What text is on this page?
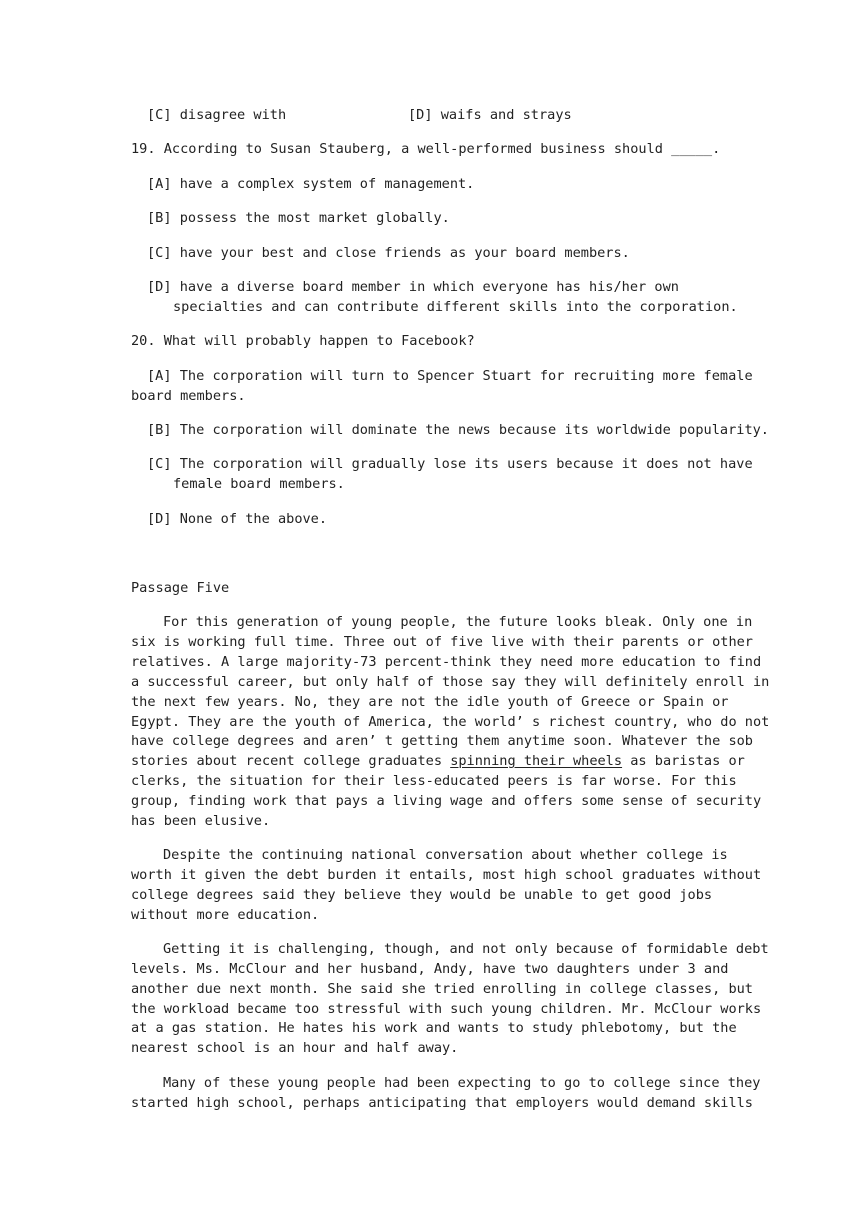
[C] disagree with	[D] waifs and strays
19. According to Susan Stauberg, a well-performed business should _____.
[A] have a complex system of management.
[B] possess the most market globally.
[C] have your best and close friends as your board members.
[D] have a diverse board member in which everyone has his/her own
specialties and can contribute different skills into the corporation.
20. What will probably happen to Facebook?
[A] The corporation will turn to Spencer Stuart for recruiting more female
board members.
[B] The corporation will dominate the news because its worldwide popularity.
[C] The corporation will gradually lose its users because it does not have
female board members.
[D] None of the above.
Passage Five
For this generation of young people, the future looks bleak. Only one in
six is working full time. Three out of five live with their parents or other
relatives. A large majority-73 percent-think they need more education to find
a successful career, but only half of those say they will definitely enroll in
the next few years. No, they are not the idle youth of Greece or Spain or
Egypt. They are the youth of America, the world’ s richest country, who do not
have college degrees and aren’ t getting them anytime soon. Whatever the sob
stories about recent college graduates spinning their wheels as baristas or
clerks, the situation for their less-educated peers is far worse. For this
group, finding work that pays a living wage and offers some sense of security
has been elusive.
Despite the continuing national conversation about whether college is
worth it given the debt burden it entails, most high school graduates without
college degrees said they believe they would be unable to get good jobs
without more education.
Getting it is challenging, though, and not only because of formidable debt
levels. Ms. McClour and her husband, Andy, have two daughters under 3 and
another due next month. She said she tried enrolling in college classes, but
the workload became too stressful with such young children. Mr. McClour works
at a gas station. He hates his work and wants to study phlebotomy, but the
nearest school is an hour and half away.
Many of these young people had been expecting to go to college since they
started high school, perhaps anticipating that employers would demand skills
